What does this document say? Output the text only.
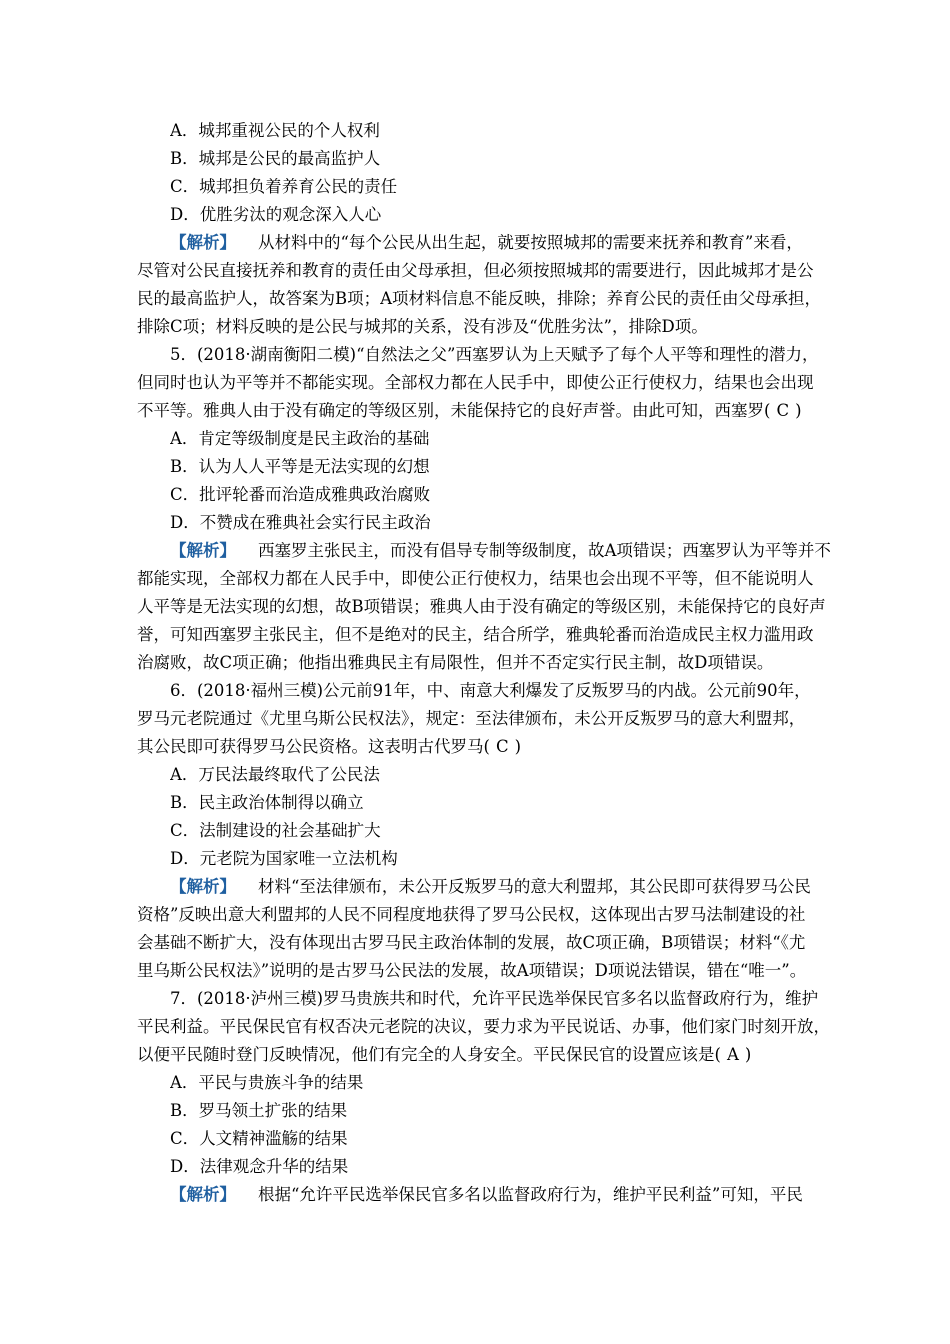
A．城邦重视公民的个人权利
B．城邦是公民的最高监护人
C．城邦担负着养育公民的责任
D．优胜劣汰的观念深入人心
【解析】 从材料中的“每个公民从出生起，就要按照城邦的需要来抚养和教育”来看，
尽管对公民直接抚养和教育的责任由父母承担，但必须按照城邦的需要进行，因此城邦才是公
民的最高监护人，故答案为B项；A项材料信息不能反映，排除；养育公民的责任由父母承担，
排除C项；材料反映的是公民与城邦的关系，没有涉及“优胜劣汰”，排除D项。
5．(2018·湖南衡阳二模)“自然法之父”西塞罗认为上天赋予了每个人平等和理性的潜力，
但同时也认为平等并不都能实现。全部权力都在人民手中，即使公正行使权力，结果也会出现
不平等。雅典人由于没有确定的等级区别，未能保持它的良好声誉。由此可知，西塞罗( C )
A．肯定等级制度是民主政治的基础
B．认为人人平等是无法实现的幻想
C．批评轮番而治造成雅典政治腐败
D．不赞成在雅典社会实行民主政治
【解析】 西塞罗主张民主，而没有倡导专制等级制度，故A项错误；西塞罗认为平等并不
都能实现，全部权力都在人民手中，即使公正行使权力，结果也会出现不平等，但不能说明人
人平等是无法实现的幻想，故B项错误；雅典人由于没有确定的等级区别，未能保持它的良好声
誉，可知西塞罗主张民主，但不是绝对的民主，结合所学，雅典轮番而治造成民主权力滥用政
治腐败，故C项正确；他指出雅典民主有局限性，但并不否定实行民主制，故D项错误。
6．(2018·福州三模)公元前91年，中、南意大利爆发了反叛罗马的内战。公元前90年，
罗马元老院通过《尤里乌斯公民权法》，规定：至法律颁布，未公开反叛罗马的意大利盟邦，
其公民即可获得罗马公民资格。这表明古代罗马( C )
A．万民法最终取代了公民法
B．民主政治体制得以确立
C．法制建设的社会基础扩大
D．元老院为国家唯一立法机构
【解析】 材料“至法律颁布，未公开反叛罗马的意大利盟邦，其公民即可获得罗马公民
资格”反映出意大利盟邦的人民不同程度地获得了罗马公民权，这体现出古罗马法制建设的社
会基础不断扩大，没有体现出古罗马民主政治体制的发展，故C项正确，B项错误；材料“《尤
里乌斯公民权法》”说明的是古罗马公民法的发展，故A项错误；D项说法错误，错在“唯一”。
7．(2018·泸州三模)罗马贵族共和时代，允许平民选举保民官多名以监督政府行为，维护
平民利益。平民保民官有权否决元老院的决议，要力求为平民说话、办事，他们家门时刻开放，
以便平民随时登门反映情况，他们有完全的人身安全。平民保民官的设置应该是( A )
A．平民与贵族斗争的结果
B．罗马领土扩张的结果
C．人文精神滥觞的结果
D．法律观念升华的结果
【解析】 根据“允许平民选举保民官多名以监督政府行为，维护平民利益”可知，平民
